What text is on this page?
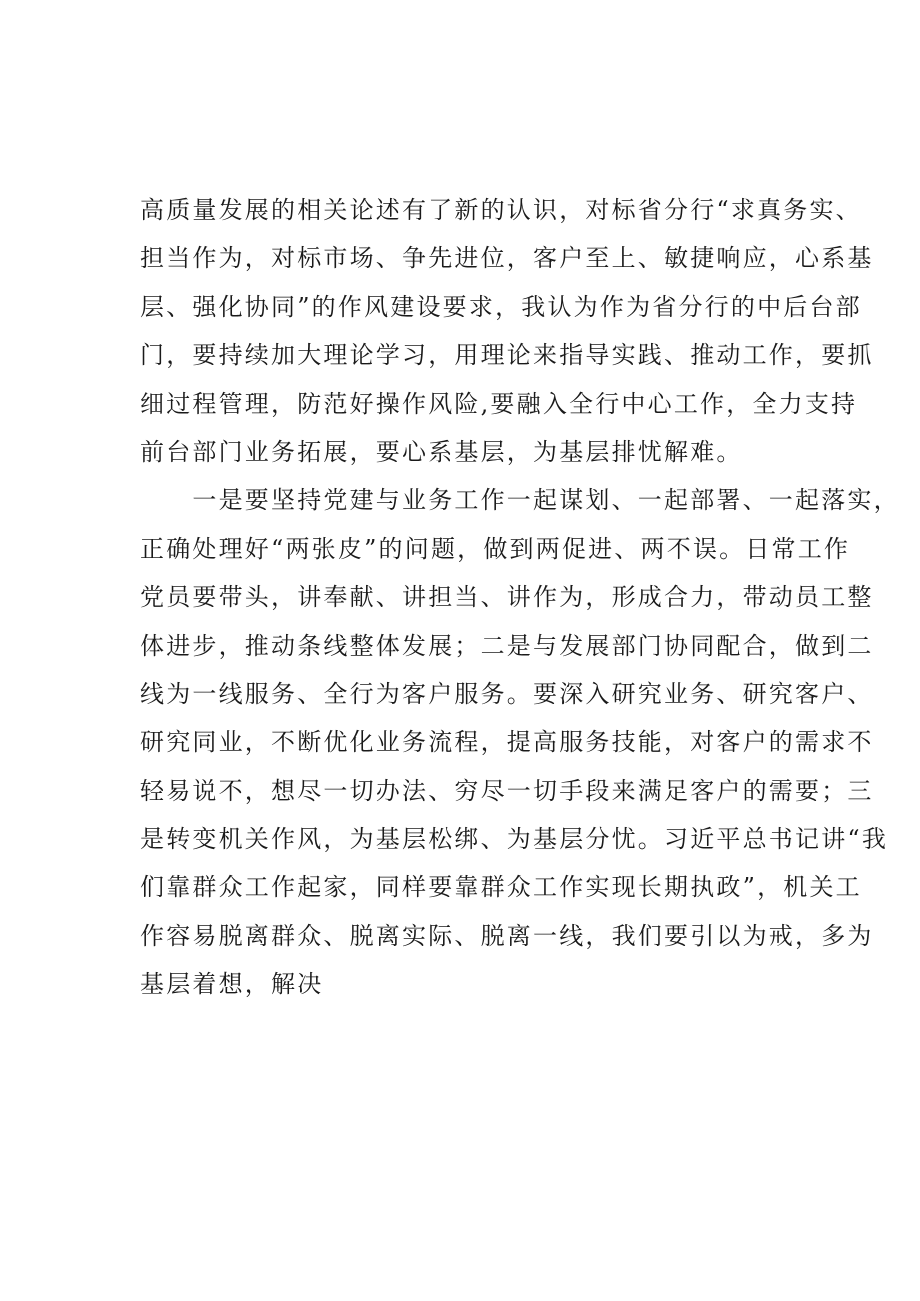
高质量发展的相关论述有了新的认识，对标省分行“求真务实、
担当作为，对标市场、争先进位，客户至上、敏捷响应，心系基
层、强化协同”的作风建设要求，我认为作为省分行的中后台部
门，要持续加大理论学习，用理论来指导实践、推动工作，要抓
细过程管理，防范好操作风险,要融入全行中心工作，全力支持
前台部门业务拓展，要心系基层，为基层排忧解难。
　　一是要坚持党建与业务工作一起谋划、一起部署、一起落实，
正确处理好“两张皮”的问题，做到两促进、两不误。日常工作
党员要带头，讲奉献、讲担当、讲作为，形成合力，带动员工整
体进步，推动条线整体发展；二是与发展部门协同配合，做到二
线为一线服务、全行为客户服务。要深入研究业务、研究客户、
研究同业，不断优化业务流程，提高服务技能，对客户的需求不
轻易说不，想尽一切办法、穷尽一切手段来满足客户的需要；三
是转变机关作风，为基层松绑、为基层分忧。习近平总书记讲“我
们靠群众工作起家，同样要靠群众工作实现长期执政”，机关工
作容易脱离群众、脱离实际、脱离一线，我们要引以为戒，多为
基层着想，解决
